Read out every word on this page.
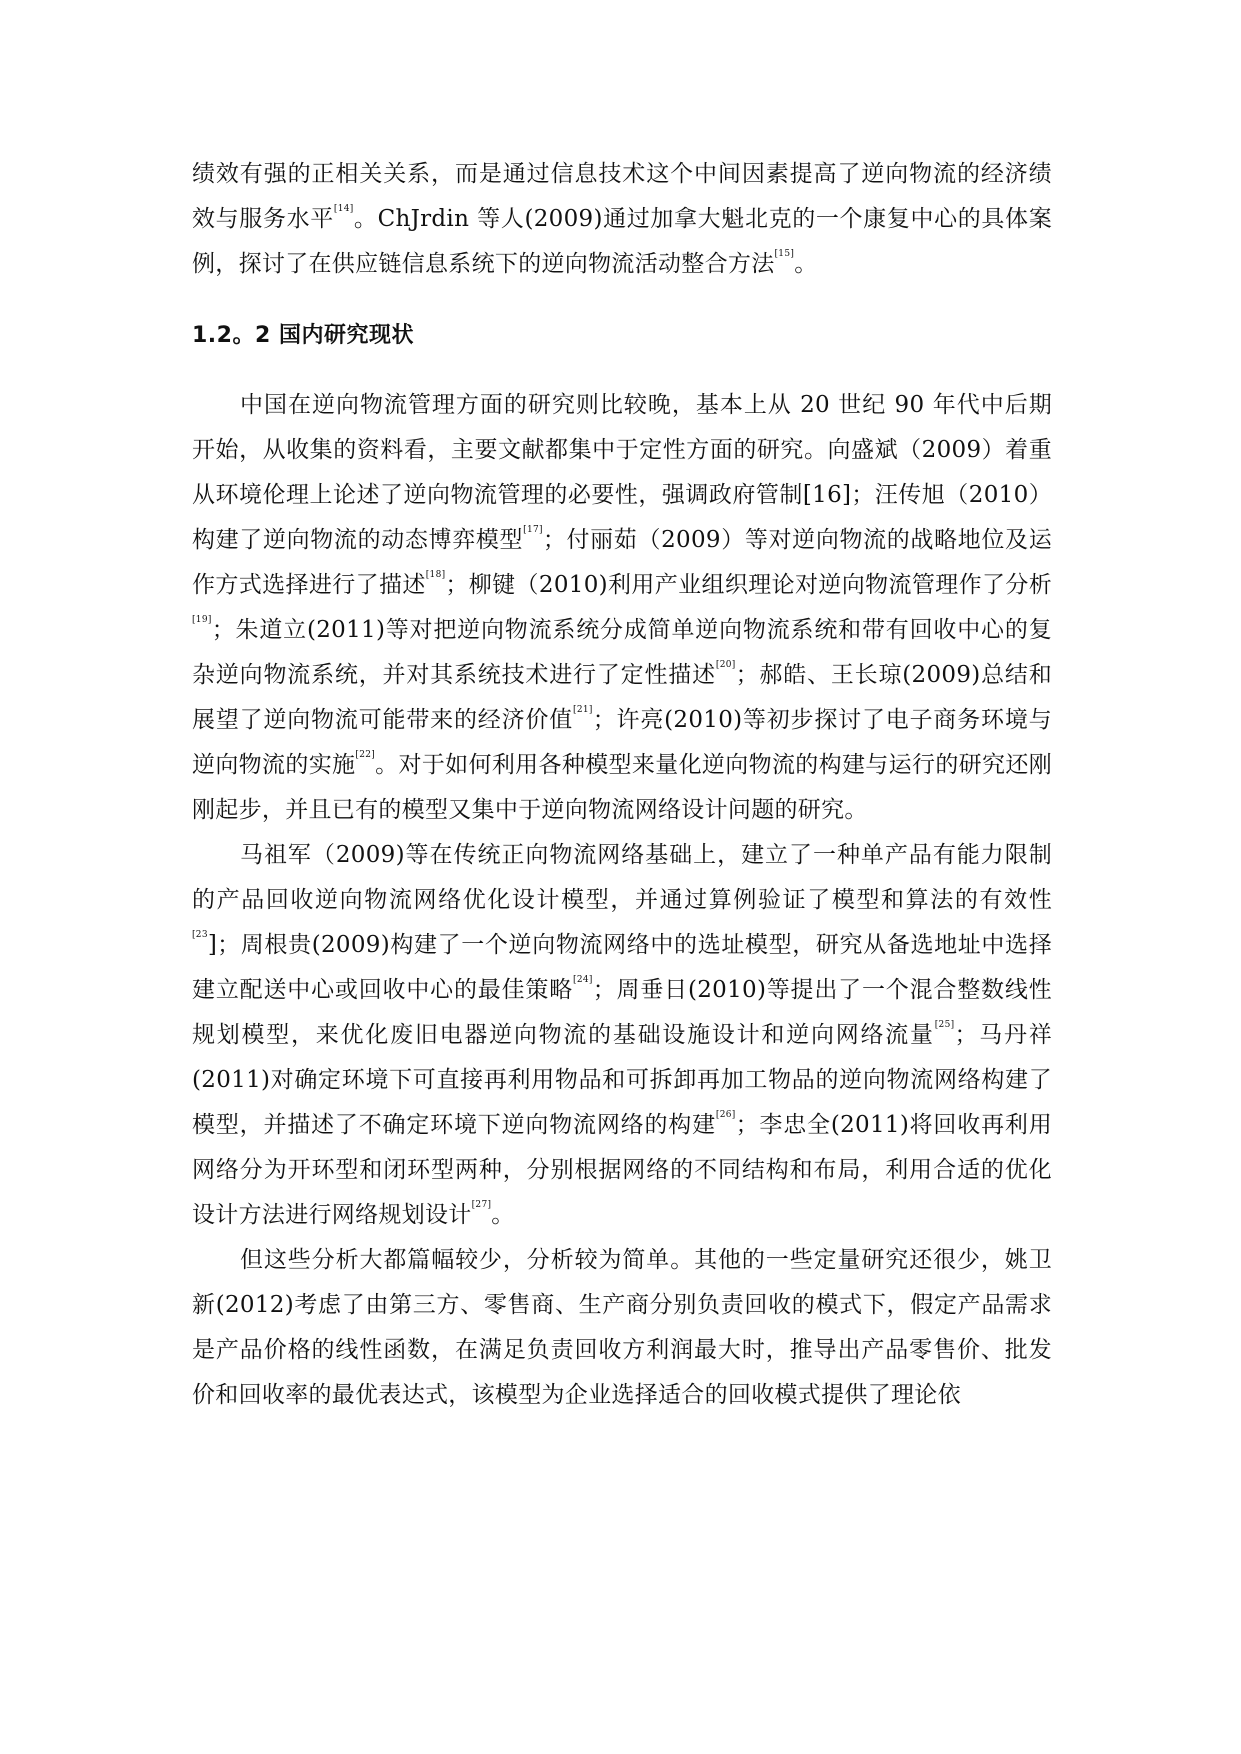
绩效有强的正相关关系，而是通过信息技术这个中间因素提高了逆向物流的经济绩效与服务水平[14]。ChJrdin 等人(2009)通过加拿大魁北克的一个康复中心的具体案例，探讨了在供应链信息系统下的逆向物流活动整合方法[15]。

1.2。2 国内研究现状

中国在逆向物流管理方面的研究则比较晚，基本上从 20 世纪 90 年代中后期开始，从收集的资料看，主要文献都集中于定性方面的研究。向盛斌（2009）着重从环境伦理上论述了逆向物流管理的必要性，强调政府管制[16]；汪传旭（2010）构建了逆向物流的动态博弈模型[17]；付丽茹（2009）等对逆向物流的战略地位及运作方式选择进行了描述[18]；柳键（2010)利用产业组织理论对逆向物流管理作了分析[19]；朱道立(2011)等对把逆向物流系统分成简单逆向物流系统和带有回收中心的复杂逆向物流系统，并对其系统技术进行了定性描述[20]；郝皓、王长琼(2009)总结和展望了逆向物流可能带来的经济价值[21]；许亮(2010)等初步探讨了电子商务环境与逆向物流的实施[22]。对于如何利用各种模型来量化逆向物流的构建与运行的研究还刚刚起步，并且已有的模型又集中于逆向物流网络设计问题的研究。

马祖军（2009)等在传统正向物流网络基础上，建立了一种单产品有能力限制的产品回收逆向物流网络优化设计模型，并通过算例验证了模型和算法的有效性$^{[23}$]；周根贵(2009)构建了一个逆向物流网络中的选址模型，研究从备选地址中选择建立配送中心或回收中心的最佳策略[24]；周垂日(2010)等提出了一个混合整数线性规划模型，来优化废旧电器逆向物流的基础设施设计和逆向网络流量[25]；马丹祥(2011)对确定环境下可直接再利用物品和可拆卸再加工物品的逆向物流网络构建了模型，并描述了不确定环境下逆向物流网络的构建[26]；李忠全(2011)将回收再利用网络分为开环型和闭环型两种，分别根据网络的不同结构和布局，利用合适的优化设计方法进行网络规划设计[27]。

但这些分析大都篇幅较少，分析较为简单。其他的一些定量研究还很少，姚卫新(2012)考虑了由第三方、零售商、生产商分别负责回收的模式下，假定产品需求是产品价格的线性函数，在满足负责回收方利润最大时，推导出产品零售价、批发价和回收率的最优表达式，该模型为企业选择适合的回收模式提供了理论依
